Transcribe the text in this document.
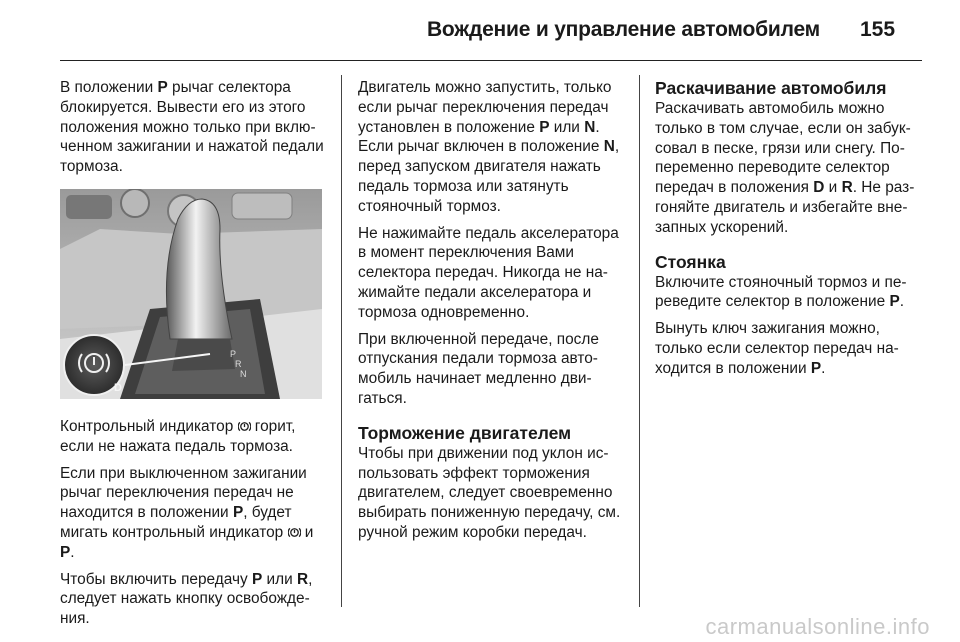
Вождение и управление автомобилем 155

В положении P рычаг селектора блокируется. Вывести его из этого положения можно только при включенном зажигании и нажатой педали тормоза.

P
R
N
D

Контрольный индикатор  горит, если не нажата педаль тормоза.

Если при выключенном зажигании рычаг переключения передач не находится в положении P, будет мигать контрольный индикатор  и P.

Чтобы включить передачу P или R, следует нажать кнопку освобождения.

Двигатель можно запустить, только если рычаг переключения передач установлен в положение P или N. Если рычаг включен в положение N, перед запуском двигателя нажать педаль тормоза или затянуть стояночный тормоз.

Не нажимайте педаль акселератора в момент переключения Вами селектора передач. Никогда не нажимайте педали акселератора и тормоза одновременно.

При включенной передаче, после отпускания педали тормоза автомобиль начинает медленно двигаться.

Торможение двигателем

Чтобы при движении под уклон использовать эффект торможения двигателем, следует своевременно выбирать пониженную передачу, см. ручной режим коробки передач.

Раскачивание автомобиля

Раскачивать автомобиль можно только в том случае, если он забуксовал в песке, грязи или снегу. Попеременно переводите селектор передач в положения D и R. Не разгоняйте двигатель и избегайте внезапных ускорений.

Стоянка

Включите стояночный тормоз и переведите селектор в положение P.

Вынуть ключ зажигания можно, только если селектор передач находится в положении P.

carmanualsonline.info
